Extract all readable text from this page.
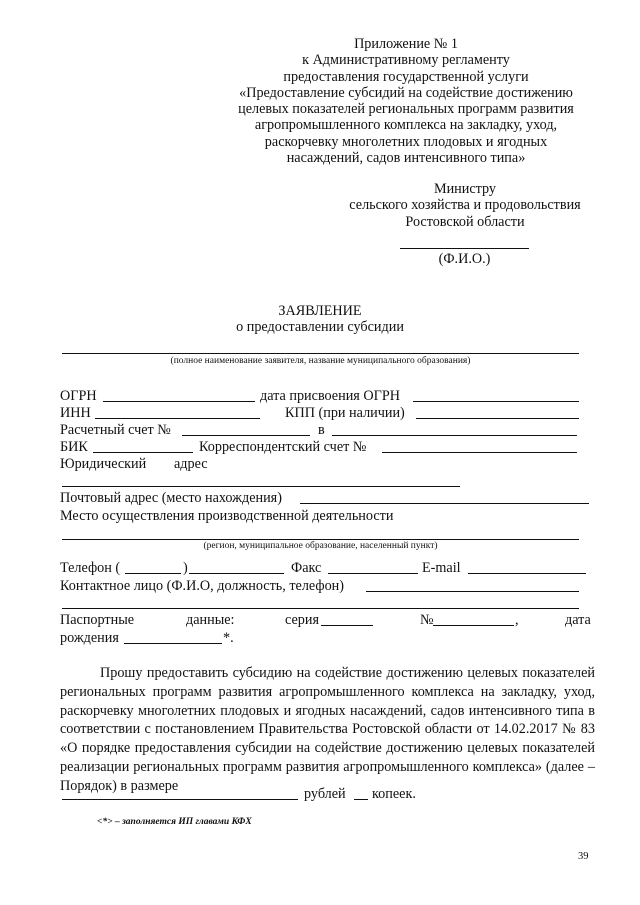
Приложение № 1
к Административному регламенту
предоставления государственной услуги
«Предоставление субсидий на содействие достижению
целевых показателей региональных программ развития
агропромышленного комплекса на закладку, уход,
раскорчевку многолетних плодовых и ягодных
насаждений, садов интенсивного типа»
Министру
сельского хозяйства и продовольствия
Ростовской области
(Ф.И.О.)
ЗАЯВЛЕНИЕ
о предоставлении субсидии
(полное наименование заявителя, название муниципального образования)
ОГРН	дата присвоения ОГРН
ИНН	КПП (при наличии)
Расчетный счет №	в
БИК	Корреспондентский счет №
Юридический адрес
Почтовый адрес (место нахождения)
Место осуществления производственной деятельности
(регион, муниципальное образование, населенный пункт)
Телефон (	)	Факс	E-mail
Контактное лицо (Ф.И.О, должность, телефон)
Паспортные	данные:	серия	№	,	дата
рождения	*.
Прошу предоставить субсидию на содействие достижению целевых показателей региональных программ развития агропромышленного комплекса на закладку, уход, раскорчевку многолетних плодовых и ягодных насаждений, садов интенсивного типа в соответствии с постановлением Правительства Ростовской области от 14.02.2017 № 83 «О порядке предоставления субсидии на содействие достижению целевых показателей реализации региональных программ развития агропромышленного комплекса» (далее – Порядок) в размере
рублей копеек.
<*> – заполняется ИП главами КФХ
39
